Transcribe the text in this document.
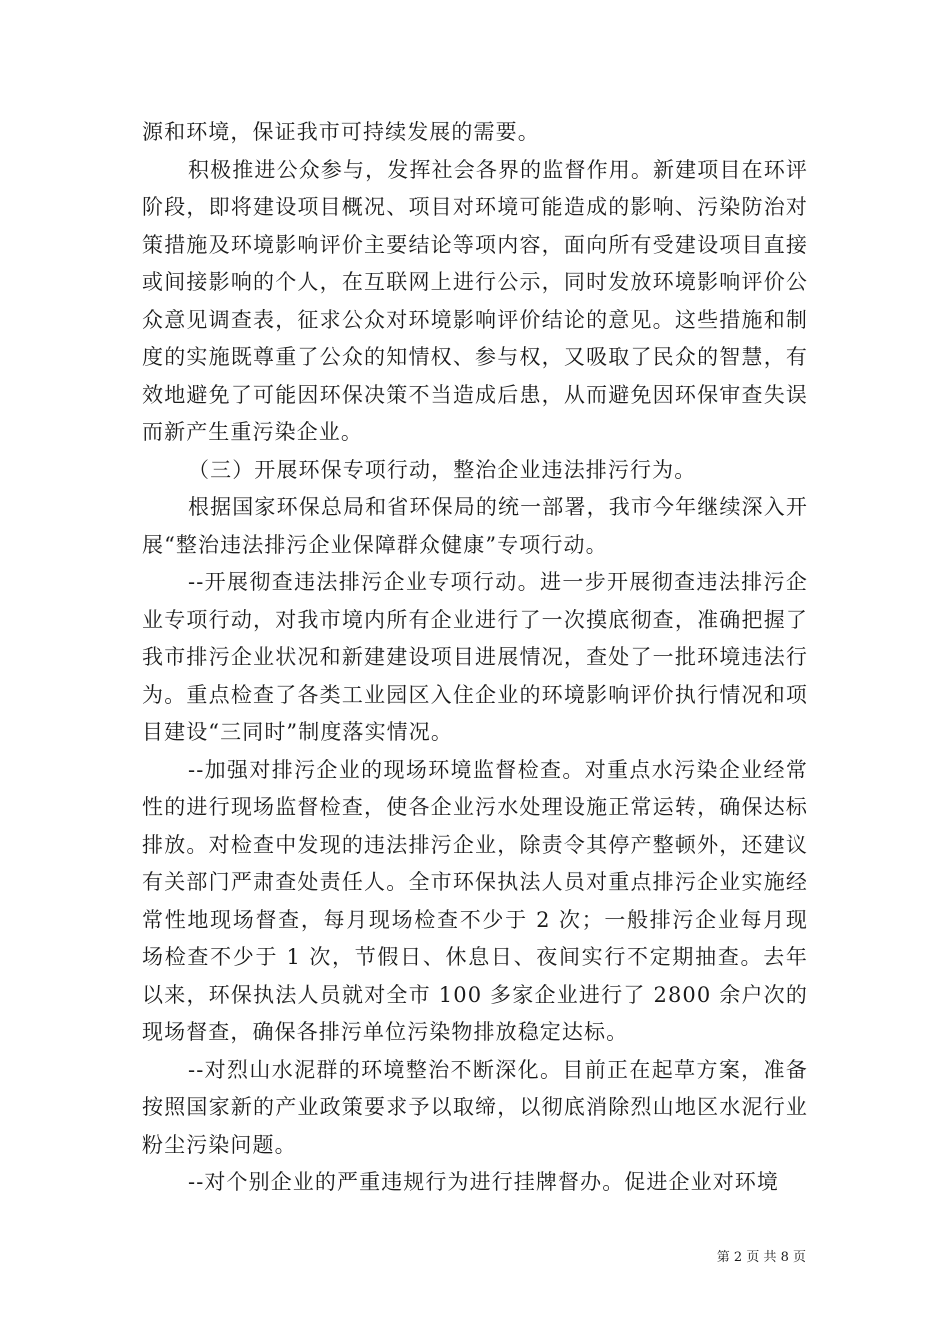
源和环境，保证我市可持续发展的需要。

积极推进公众参与，发挥社会各界的监督作用。新建项目在环评阶段，即将建设项目概况、项目对环境可能造成的影响、污染防治对策措施及环境影响评价主要结论等项内容，面向所有受建设项目直接或间接影响的个人，在互联网上进行公示，同时发放环境影响评价公众意见调查表，征求公众对环境影响评价结论的意见。这些措施和制度的实施既尊重了公众的知情权、参与权，又吸取了民众的智慧，有效地避免了可能因环保决策不当造成后患，从而避免因环保审查失误而新产生重污染企业。

（三）开展环保专项行动，整治企业违法排污行为。

根据国家环保总局和省环保局的统一部署，我市今年继续深入开展“整治违法排污企业保障群众健康”专项行动。

--开展彻查违法排污企业专项行动。进一步开展彻查违法排污企业专项行动，对我市境内所有企业进行了一次摸底彻查，准确把握了我市排污企业状况和新建建设项目进展情况，查处了一批环境违法行为。重点检查了各类工业园区入住企业的环境影响评价执行情况和项目建设“三同时”制度落实情况。

--加强对排污企业的现场环境监督检查。对重点水污染企业经常性的进行现场监督检查，使各企业污水处理设施正常运转，确保达标排放。对检查中发现的违法排污企业，除责令其停产整顿外，还建议有关部门严肃查处责任人。全市环保执法人员对重点排污企业实施经常性地现场督查，每月现场检查不少于 2 次；一般排污企业每月现场检查不少于 1 次，节假日、休息日、夜间实行不定期抽查。去年以来，环保执法人员就对全市 100 多家企业进行了 2800 余户次的现场督查，确保各排污单位污染物排放稳定达标。

--对烈山水泥群的环境整治不断深化。目前正在起草方案，准备按照国家新的产业政策要求予以取缔，以彻底消除烈山地区水泥行业粉尘污染问题。

--对个别企业的严重违规行为进行挂牌督办。促进企业对环境

第 2 页 共 8 页
